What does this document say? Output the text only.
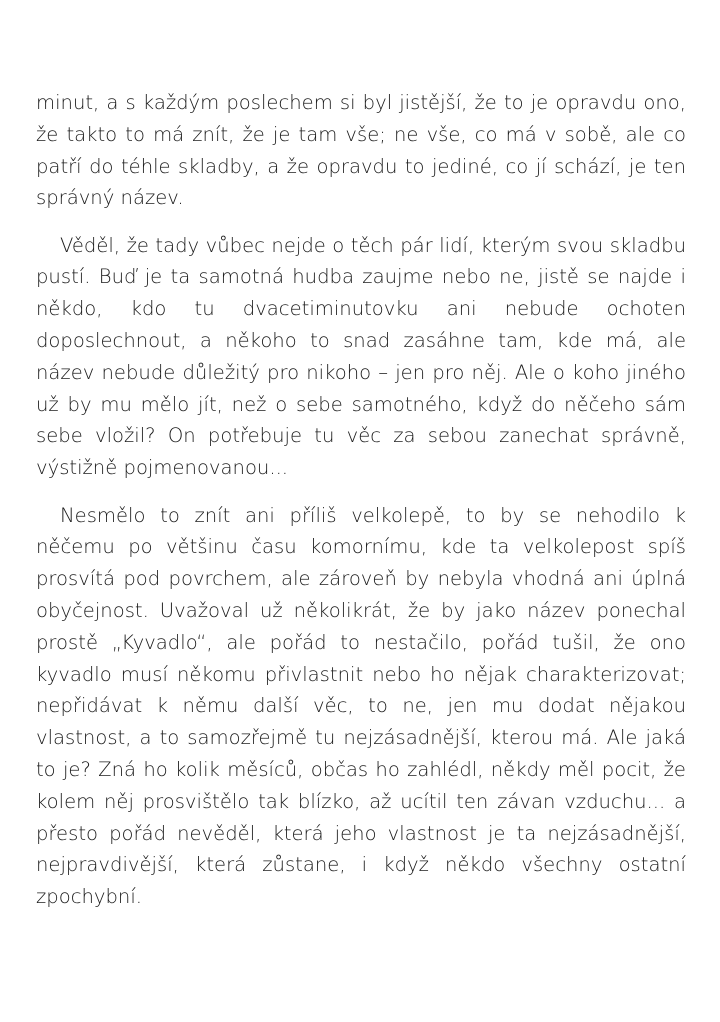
minut, a s každým poslechem si byl jistější, že to je opravdu ono, že takto to má znít, že je tam vše; ne vše, co má v sobě, ale co patří do téhle skladby, a že opravdu to jediné, co jí schází, je ten správný název.

Věděl, že tady vůbec nejde o těch pár lidí, kterým svou skladbu pustí. Buď je ta samotná hudba zaujme nebo ne, jistě se najde i někdo, kdo tu dvacetiminutovku ani nebude ochoten doposlechnout, a někoho to snad zasáhne tam, kde má, ale název nebude důležitý pro nikoho – jen pro něj. Ale o koho jiného už by mu mělo jít, než o sebe samotného, když do něčeho sám sebe vložil? On potřebuje tu věc za sebou zanechat správně, výstižně pojmenovanou...

Nesmělo to znít ani příliš velkolepě, to by se nehodilo k něčemu po většinu času komornímu, kde ta velkolepost spíš prosvítá pod povrchem, ale zároveň by nebyla vhodná ani úplná obyčejnost. Uvažoval už několikrát, že by jako název ponechal prostě „Kyvadlo“, ale pořád to nestačilo, pořád tušil, že ono kyvadlo musí někomu přivlastnit nebo ho nějak charakterizovat; nepřidávat k němu další věc, to ne, jen mu dodat nějakou vlastnost, a to samozřejmě tu nejzásadnější, kterou má. Ale jaká to je? Zná ho kolik měsíců, občas ho zahlédl, někdy měl pocit, že kolem něj prosvištělo tak blízko, až ucítil ten závan vzduchu... a přesto pořád nevěděl, která jeho vlastnost je ta nejzásadnější, nejpravdivější, která zůstane, i když někdo všechny ostatní zpochybní.
